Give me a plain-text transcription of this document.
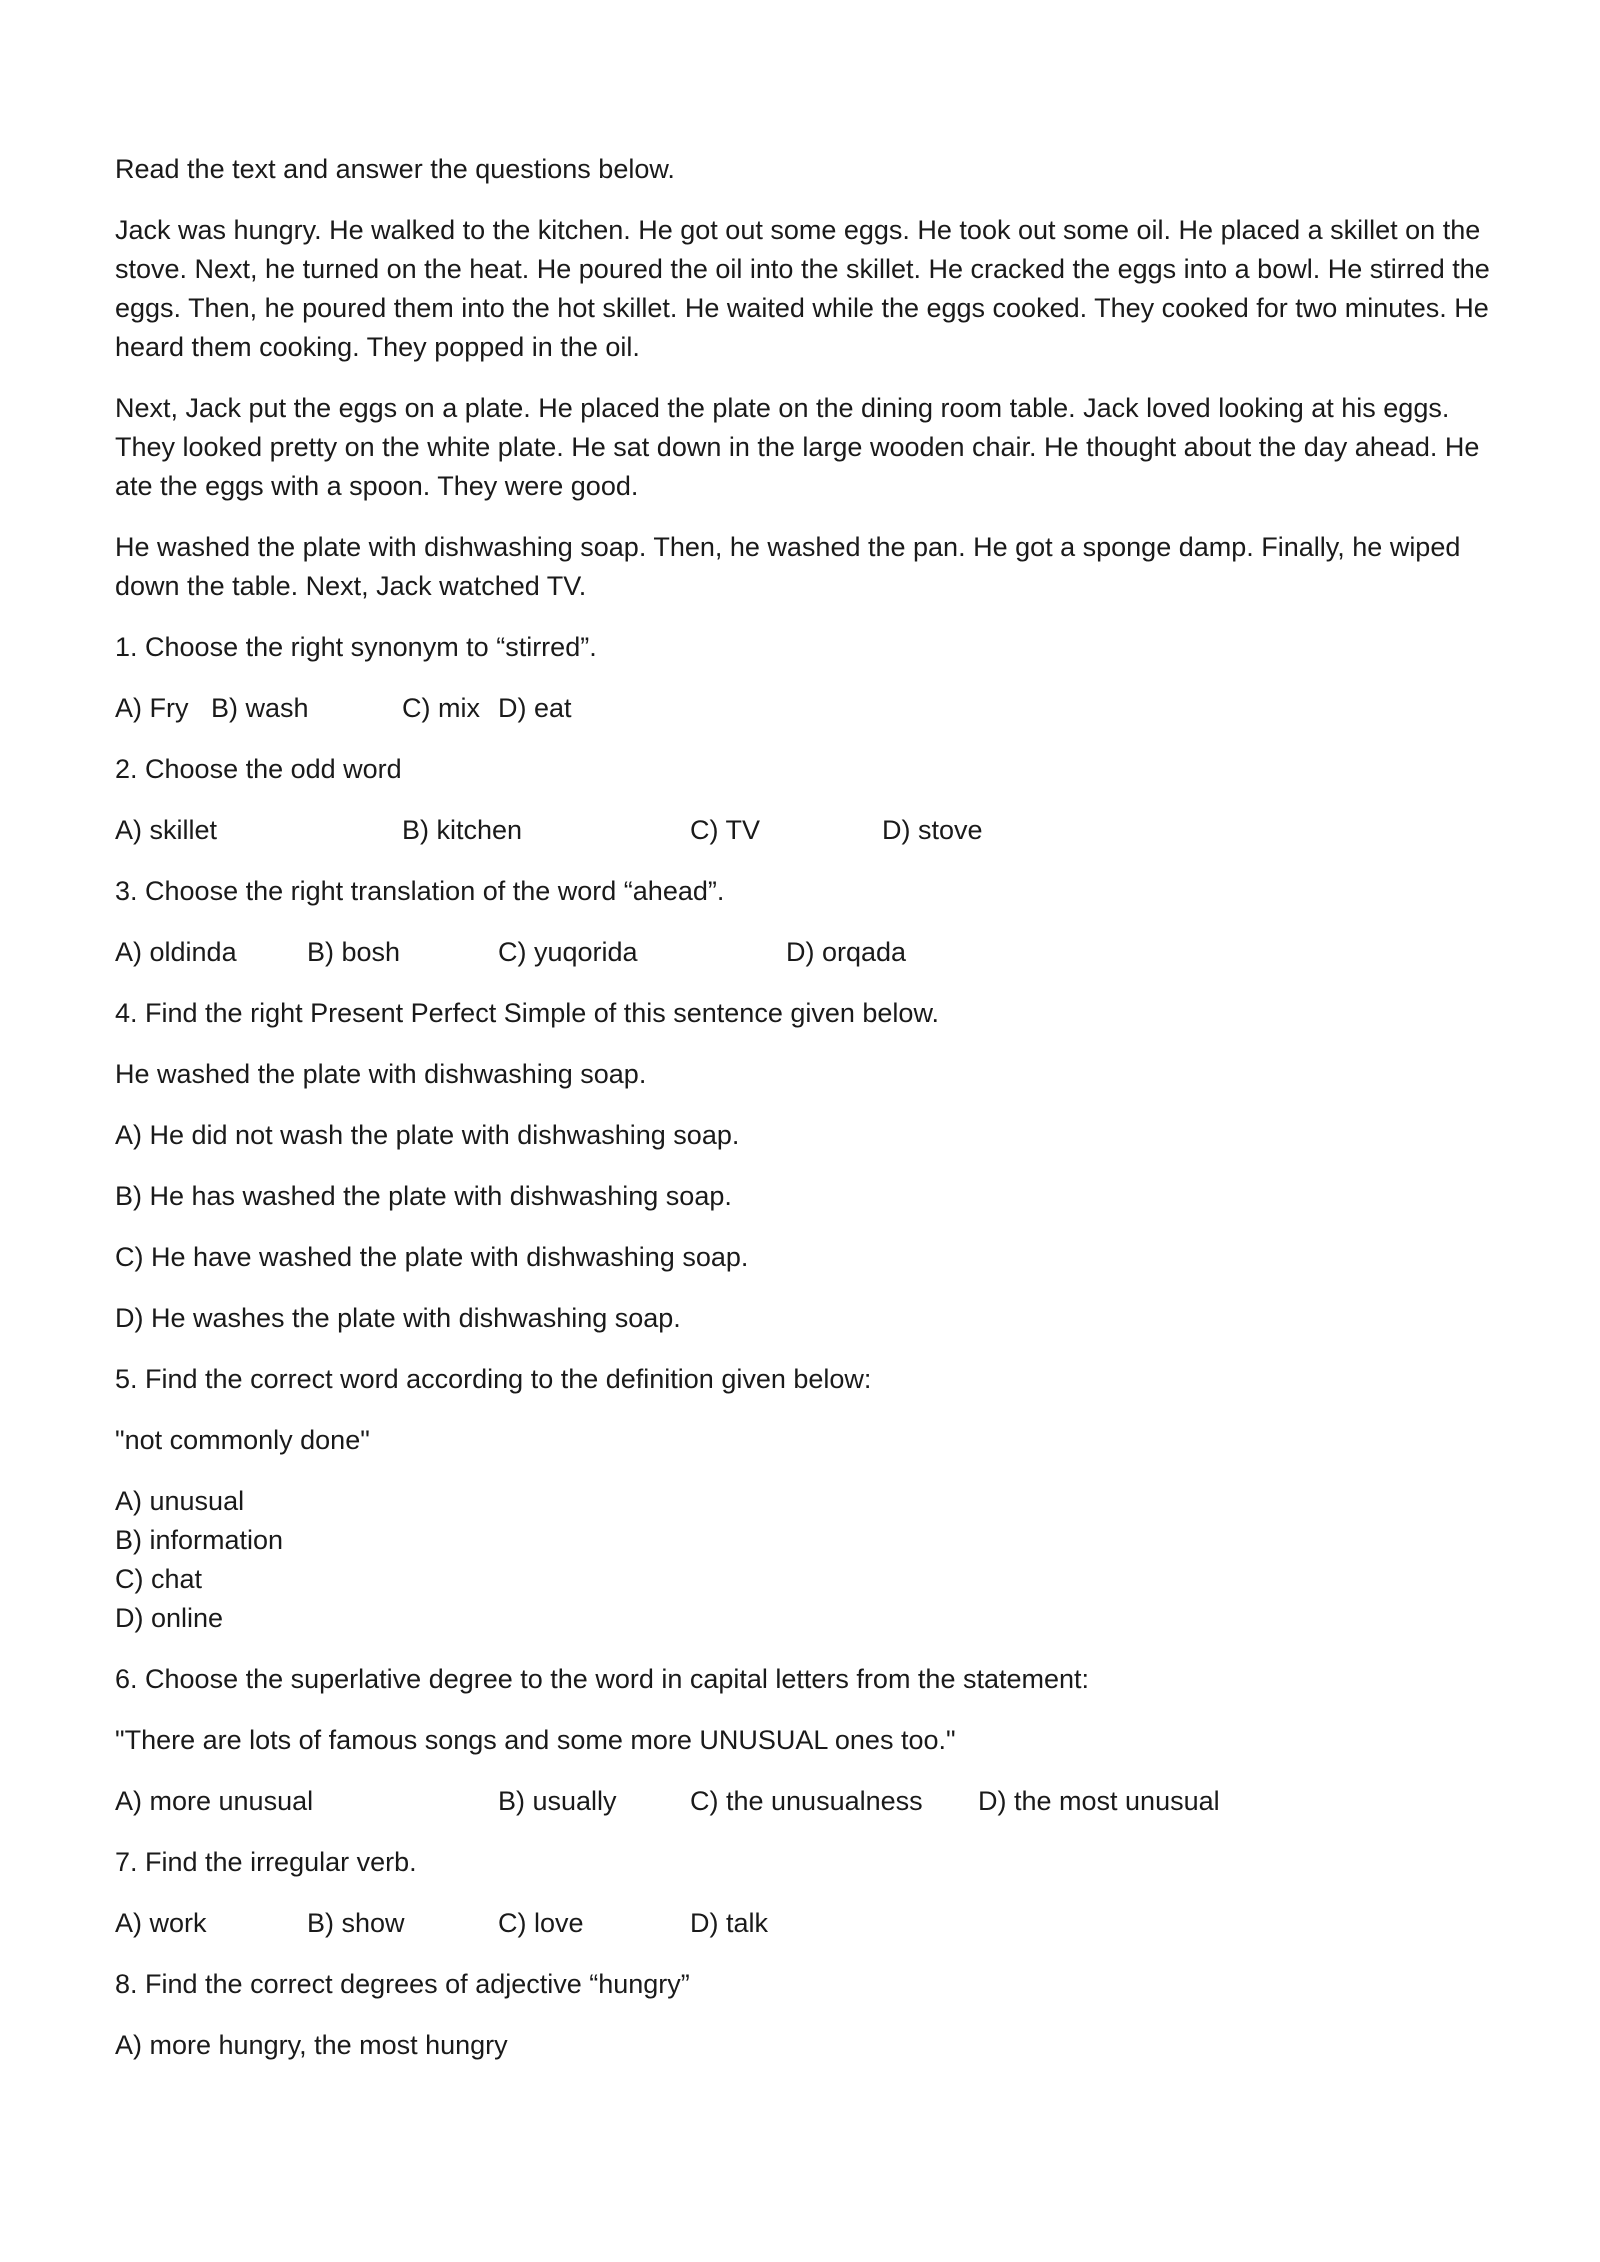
Read the text and answer the questions below.
Jack was hungry. He walked to the kitchen. He got out some eggs. He took out some oil. He placed a skillet on the stove. Next, he turned on the heat. He poured the oil into the skillet. He cracked the eggs into a bowl. He stirred the eggs. Then, he poured them into the hot skillet. He waited while the eggs cooked. They cooked for two minutes. He heard them cooking. They popped in the oil.
Next, Jack put the eggs on a plate. He placed the plate on the dining room table. Jack loved looking at his eggs. They looked pretty on the white plate. He sat down in the large wooden chair. He thought about the day ahead. He ate the eggs with a spoon. They were good.
He washed the plate with dishwashing soap. Then, he washed the pan. He got a sponge damp. Finally, he wiped down the table. Next, Jack watched TV.
1. Choose the right synonym to “stirred”.
A) Fry B) wash	C) mix D) eat
2. Choose the odd word
A) skillet	B) kitchen	C) TV	D) stove
3. Choose the right translation of the word “ahead”.
A) oldinda	B) bosh	C) yuqorida	D) orqada
4. Find the right Present Perfect Simple of this sentence given below.
He washed the plate with dishwashing soap.
A) He did not wash the plate with dishwashing soap.
B) He has washed the plate with dishwashing soap.
C) He have washed the plate with dishwashing soap.
D) He washes the plate with dishwashing soap.
5. Find the correct word according to the definition given below:
"not commonly done"
A) unusual
B) information
C) chat
D) online
6. Choose the superlative degree to the word in capital letters from the statement:
"There are lots of famous songs and some more UNUSUAL ones too."
A) more unusual	B) usually	C) the unusualness D) the most unusual
7. Find the irregular verb.
A) work	B) show	C) love	D) talk
8. Find the correct degrees of adjective “hungry”
A) more hungry, the most hungry
